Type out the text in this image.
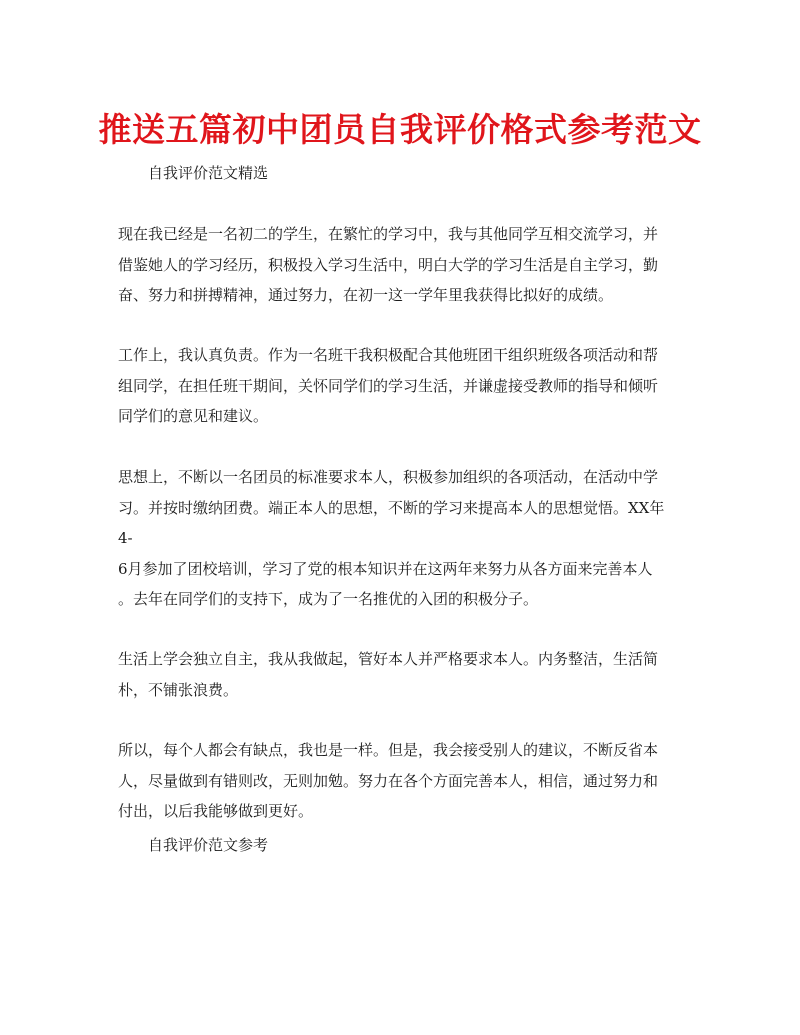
推送五篇初中团员自我评价格式参考范文
自我评价范文精选
现在我已经是一名初二的学生，在繁忙的学习中，我与其他同学互相交流学习，并
借鉴她人的学习经历，积极投入学习生活中，明白大学的学习生活是自主学习，勤
奋、努力和拼搏精神，通过努力，在初一这一学年里我获得比拟好的成绩。
工作上，我认真负责。作为一名班干我积极配合其他班团干组织班级各项活动和帮
组同学，在担任班干期间，关怀同学们的学习生活，并谦虚接受教师的指导和倾听
同学们的意见和建议。
思想上，不断以一名团员的标准要求本人，积极参加组织的各项活动，在活动中学
习。并按时缴纳团费。端正本人的思想，不断的学习来提高本人的思想觉悟。XX年
4-
6月参加了团校培训，学习了党的根本知识并在这两年来努力从各方面来完善本人
。去年在同学们的支持下，成为了一名推优的入团的积极分子。
生活上学会独立自主，我从我做起，管好本人并严格要求本人。内务整洁，生活简
朴，不铺张浪费。
所以，每个人都会有缺点，我也是一样。但是，我会接受别人的建议，不断反省本
人，尽量做到有错则改，无则加勉。努力在各个方面完善本人，相信，通过努力和
付出，以后我能够做到更好。
自我评价范文参考
